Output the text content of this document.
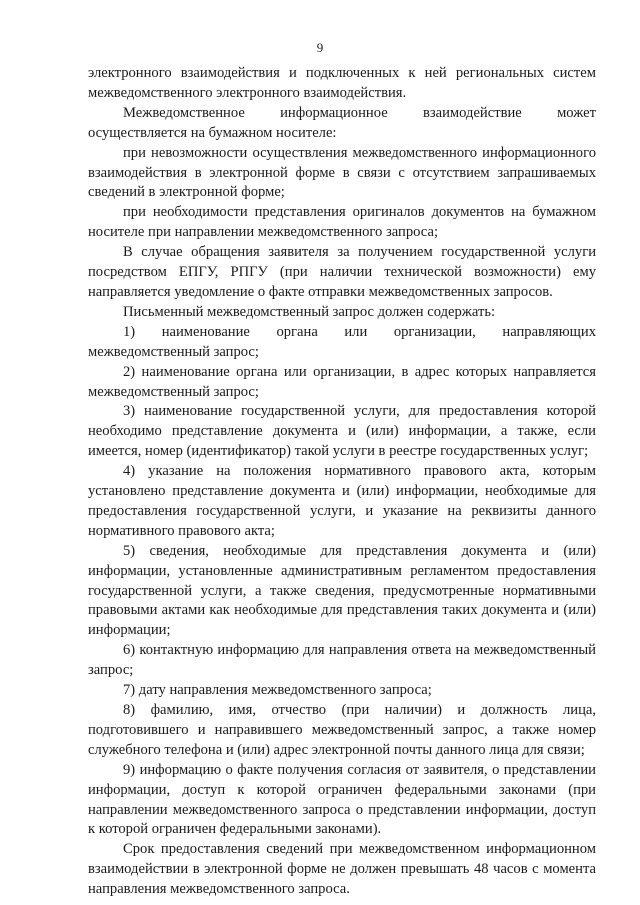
9

электронного взаимодействия и подключенных к ней региональных систем межведомственного электронного взаимодействия.

Межведомственное информационное взаимодействие может осуществляется на бумажном носителе:

при невозможности осуществления межведомственного информационного взаимодействия в электронной форме в связи с отсутствием запрашиваемых сведений в электронной форме;

при необходимости представления оригиналов документов на бумажном носителе при направлении межведомственного запроса;

В случае обращения заявителя за получением государственной услуги посредством ЕПГУ, РПГУ (при наличии технической возможности) ему направляется уведомление о факте отправки межведомственных запросов.

Письменный межведомственный запрос должен содержать:

1) наименование органа или организации, направляющих межведомственный запрос;

2) наименование органа или организации, в адрес которых направляется межведомственный запрос;

3) наименование государственной услуги, для предоставления которой необходимо представление документа и (или) информации, а также, если имеется, номер (идентификатор) такой услуги в реестре государственных услуг;

4) указание на положения нормативного правового акта, которым установлено представление документа и (или) информации, необходимые для предоставления государственной услуги, и указание на реквизиты данного нормативного правового акта;

5) сведения, необходимые для представления документа и (или) информации, установленные административным регламентом предоставления государственной услуги, а также сведения, предусмотренные нормативными правовыми актами как необходимые для представления таких документа и (или) информации;

6) контактную информацию для направления ответа на межведомственный запрос;

7) дату направления межведомственного запроса;

8) фамилию, имя, отчество (при наличии) и должность лица, подготовившего и направившего межведомственный запрос, а также номер служебного телефона и (или) адрес электронной почты данного лица для связи;

9) информацию о факте получения согласия от заявителя, о представлении информации, доступ к которой ограничен федеральными законами (при направлении межведомственного запроса о представлении информации, доступ к которой ограничен федеральными законами).

Срок предоставления сведений при межведомственном информационном взаимодействии в электронной форме не должен превышать 48 часов с момента направления межведомственного запроса.
